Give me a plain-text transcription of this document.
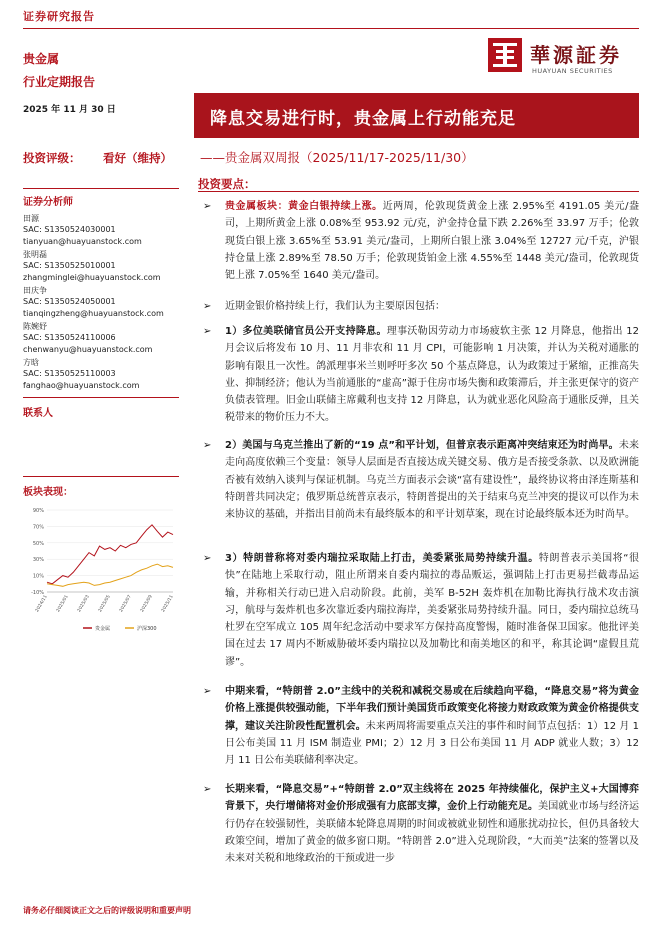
证券研究报告
贵金属
行业定期报告
華源証券
HUAYUAN SECURITIES
2025 年 11 月 30 日	降息交易进行时，贵金属上行动能充足
投资评级： 看好（维持） ——贵金属双周报（2025/11/17-2025/11/30）
证券分析师
田源
SAC: S1350524030001
tianyuan@huayuanstock.com
张明磊
SAC: S1350525010001
zhangminglei@huayuanstock.com
田庆争
SAC: S1350524050001
tianqingzheng@huayuanstock.com
陈婉妤
SAC: S1350524110006
chenwanyu@huayuanstock.com
方晗
SAC: S1350525110003
fanghao@huayuanstock.com
联系人
板块表现：
90%
70%
50%
30%
10%
-10%
2024/11 2025/01 2025/03 2025/05 2025/07 2025/09 2025/11
贵金属	沪深300
投资要点：
➢ 贵金属板块：黄金白银持续上涨。近两周，伦敦现货黄金上涨 2.95%至 4191.05 美元/盎司，上期所黄金上涨 0.08%至 953.92 元/克，沪金持仓量下跌 2.26%至 33.97 万手；伦敦现货白银上涨 3.65%至 53.91 美元/盎司，上期所白银上涨 3.04%至 12727 元/千克，沪银持仓量上涨 2.89%至 78.50 万手；伦敦现货铂金上涨 4.55%至 1448 美元/盎司，伦敦现货钯上涨 7.05%至 1640 美元/盎司。
➢ 近期金银价格持续上行，我们认为主要原因包括：
➢ 1）多位美联储官员公开支持降息。理事沃勒因劳动力市场疲软主张 12 月降息，他指出 12 月会议后将发布 10 月、11 月非农和 11 月 CPI，可能影响 1 月决策，并认为关税对通胀的影响有限且一次性。鸽派理事米兰则呼吁多次 50 个基点降息，认为政策过于紧缩，正推高失业、抑制经济；他认为当前通胀的“虚高”源于住房市场失衡和政策滞后，并主张更保守的资产负债表管理。旧金山联储主席戴利也支持 12 月降息，认为就业恶化风险高于通胀反弹，且关税带来的物价压力不大。
➢ 2）美国与乌克兰推出了新的“19 点”和平计划，但普京表示距离冲突结束还为时尚早。未来走向高度依赖三个变量：领导人层面是否直接达成关键交易、俄方是否接受条款、以及欧洲能否被有效纳入谈判与保证机制。乌克兰方面表示会谈“富有建设性”，最终协议将由泽连斯基和特朗普共同决定；俄罗斯总统普京表示，特朗普提出的关于结束乌克兰冲突的提议可以作为未来协议的基础，并指出目前尚未有最终版本的和平计划草案，现在讨论最终版本还为时尚早。
➢ 3）特朗普称将对委内瑞拉采取陆上打击，美委紧张局势持续升温。特朗普表示美国将“很快”在陆地上采取行动，阻止所谓来自委内瑞拉的毒品贩运，强调陆上打击更易拦截毒品运输，并称相关行动已进入启动阶段。此前，美军 B-52H 轰炸机在加勒比海执行战术攻击演习，航母与轰炸机也多次靠近委内瑞拉海岸，美委紧张局势持续升温。同日，委内瑞拉总统马杜罗在空军成立 105 周年纪念活动中要求军方保持高度警惕，随时准备保卫国家。他批评美国在过去 17 周内不断威胁破坏委内瑞拉以及加勒比和南美地区的和平，称其论调“虚假且荒谬”。
➢ 中期来看，“特朗普 2.0”主线中的关税和减税交易或在后续趋向平稳，“降息交易”将为黄金价格上涨提供较强动能，下半年我们预计美国货币政策变化将接力财政政策为黄金价格提供支撑，建议关注阶段性配置机会。未来两周将需要重点关注的事件和时间节点包括：1）12 月 1 日公布美国 11 月 ISM 制造业 PMI；2）12 月 3 日公布美国 11 月 ADP 就业人数；3）12 月 11 日公布美联储利率决定。
➢ 长期来看，“降息交易”+“特朗普 2.0”双主线将在 2025 年持续催化，保护主义+大国博弈背景下，央行增储将对金价形成强有力底部支撑，金价上行动能充足。美国就业市场与经济运行仍存在较强韧性，美联储本轮降息周期的时间或被就业韧性和通胀扰动拉长，但仍具备较大政策空间，增加了黄金的做多窗口期。“特朗普 2.0”进入兑现阶段，“大而美”法案的签署以及未来对关税和地缘政治的干预或进一步
请务必仔细阅读正文之后的评级说明和重要声明
